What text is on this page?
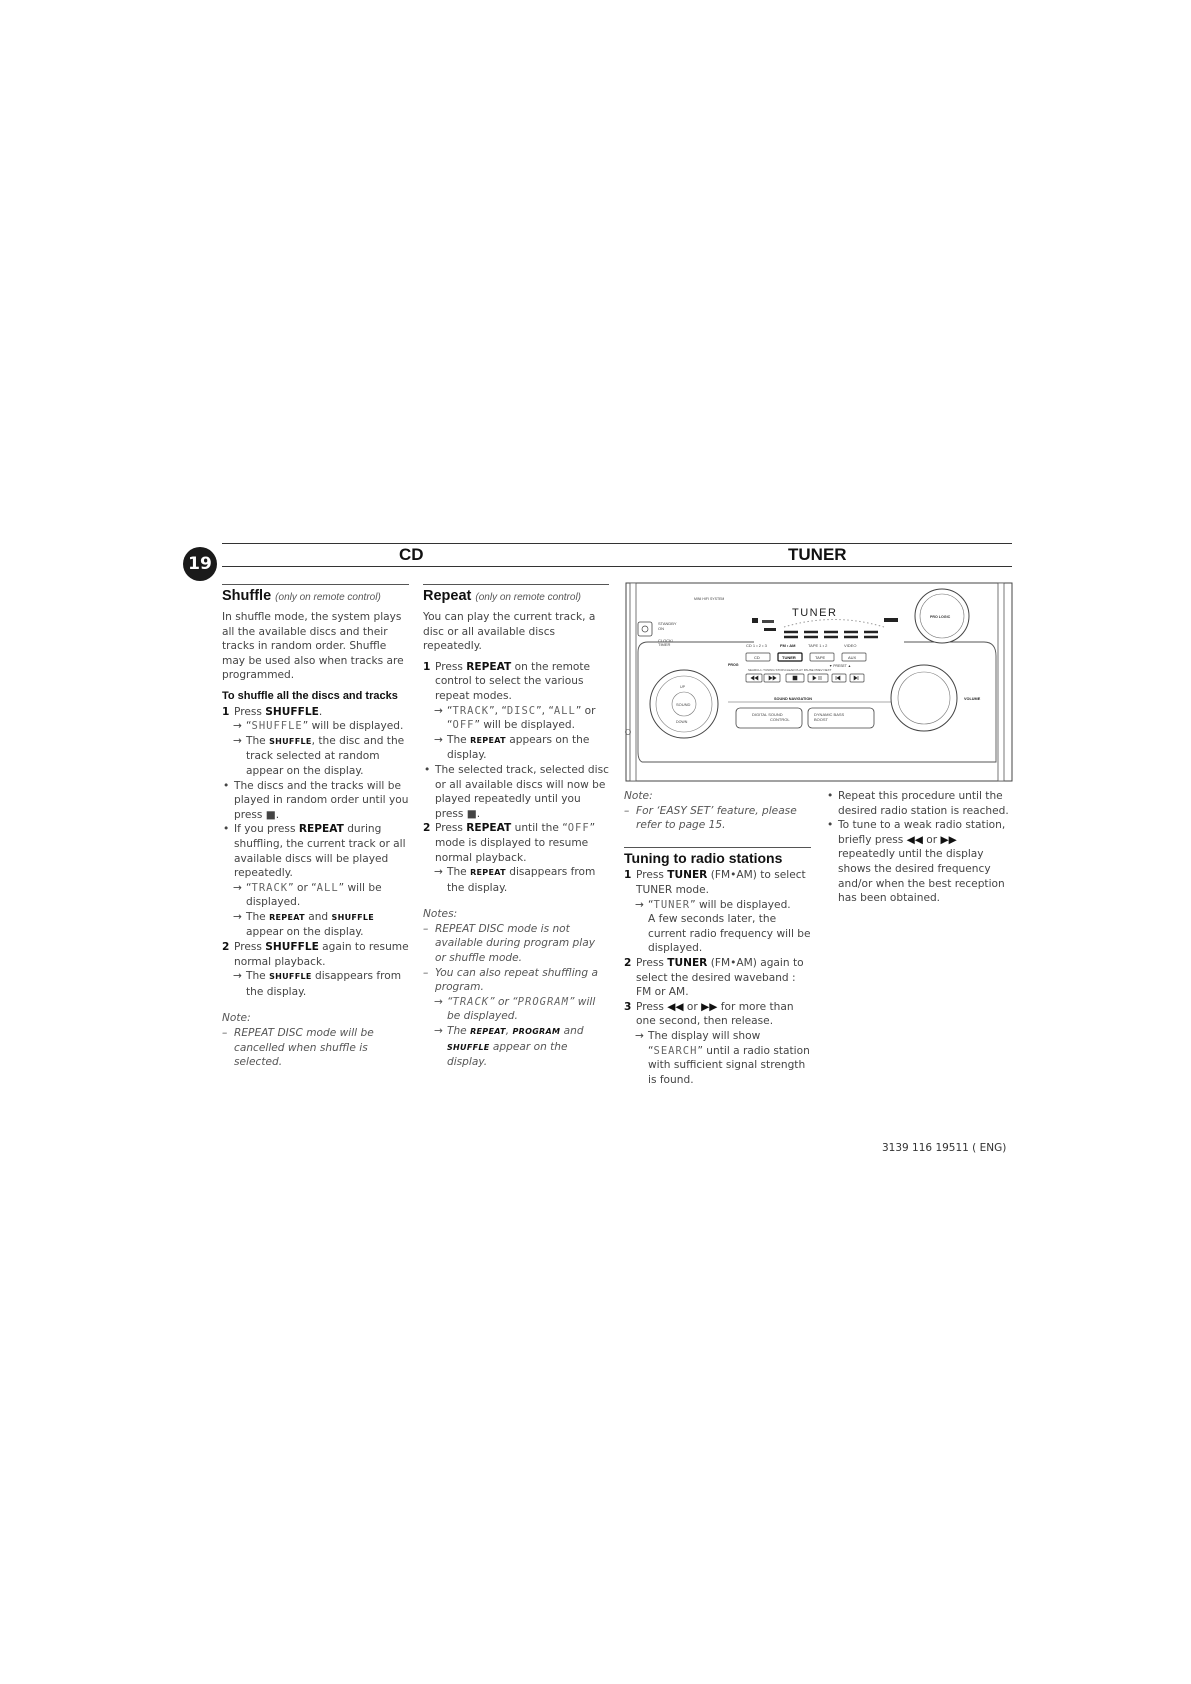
19	CD	TUNER
Shuffle (only on remote control)

In shuffle mode, the system plays all the available discs and their tracks in random order. Shuffle may be used also when tracks are programmed.

To shuffle all the discs and tracks
1 Press SHUFFLE.
→ “SHUFFLE” will be displayed.
→ The SHUFFLE, the disc and the track selected at random appear on the display.
• The discs and the tracks will be played in random order until you press ■.
• If you press REPEAT during shuffling, the current track or all available discs will be played repeatedly.
→ “TRACK” or “ALL” will be displayed.
→ The REPEAT and SHUFFLE appear on the display.
2 Press SHUFFLE again to resume normal playback.
→ The SHUFFLE disappears from the display.

Note:

– REPEAT DISC mode will be cancelled when shuffle is selected.
Repeat (only on remote control)

You can play the current track, a disc or all available discs repeatedly.

1 Press REPEAT on the remote control to select the various repeat modes.
→ “TRACK”, “DISC”, “ALL” or “OFF” will be displayed.
→ The REPEAT appears on the display.
• The selected track, selected disc or all available discs will now be played repeatedly until you press ■.
2 Press REPEAT until the “OFF” mode is displayed to resume normal playback.
→ The REPEAT disappears from the display.

Notes:

– REPEAT DISC mode is not available during program play or shuffle mode.
– You can also repeat shuffling a program.
→ “TRACK” or “PROGRAM” will be displayed.
→ The REPEAT, PROGRAM and SHUFFLE appear on the display.
MINI HIFI SYSTEM
TUNER	PRO LOGIC
STANDBY
ON
CLOCK/
TIMER	CD 1 • 2 • 3	FM • AM	TAPE 1 • 2	VIDEO
CD	TUNER	TAPE	AUX
PROG	▼ PRESET ▲
SEARCH • TUNING STOP•CLEAR PLAY PAUSE PREV NEXT
UP
SOUND
DOWN
SOUND NAVIGATION
DIGITAL SOUND
CONTROL
DYNAMIC BASS
BOOST
VOLUME

Note:

– For ‘EASY SET’ feature, please refer to page 15.
Tuning to radio stations
1 Press TUNER (FM•AM) to select TUNER mode.
→ “TUNER” will be displayed.
A few seconds later, the current radio frequency will be displayed.
2 Press TUNER (FM•AM) again to select the desired waveband : FM or AM.
3 Press ◀◀ or ▶▶ for more than one second, then release.
→ The display will show “SEARCH” until a radio station with sufficient signal strength is found.
• Repeat this procedure until the desired radio station is reached.
• To tune to a weak radio station, briefly press ◀◀ or ▶▶ repeatedly until the display shows the desired frequency and/or when the best reception has been obtained.
3139 116 19511 ( ENG)
